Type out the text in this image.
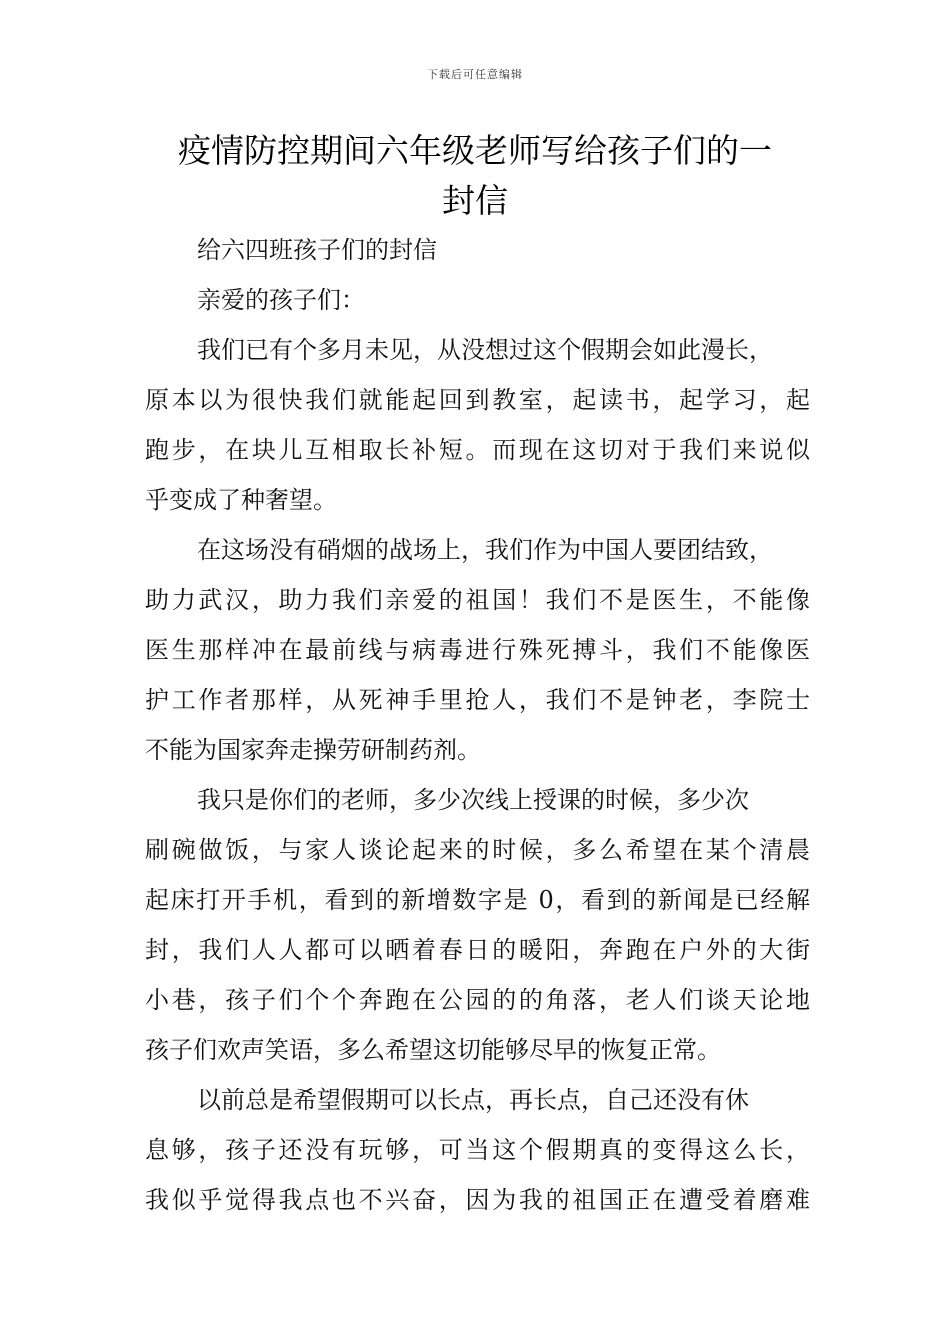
下载后可任意编辑
疫情防控期间六年级老师写给孩子们的一
封信
给六四班孩子们的封信
亲爱的孩子们：
我们已有个多月未见，从没想过这个假期会如此漫长，
原本以为很快我们就能起回到教室，起读书，起学习，起
跑步，在块儿互相取长补短。而现在这切对于我们来说似
乎变成了种奢望。
在这场没有硝烟的战场上，我们作为中国人要团结致，
助力武汉，助力我们亲爱的祖国！我们不是医生，不能像
医生那样冲在最前线与病毒进行殊死搏斗，我们不能像医
护工作者那样，从死神手里抢人，我们不是钟老，李院士
不能为国家奔走操劳研制药剂。
我只是你们的老师，多少次线上授课的时候，多少次
刷碗做饭，与家人谈论起来的时候，多么希望在某个清晨
起床打开手机，看到的新增数字是 0，看到的新闻是已经解
封，我们人人都可以晒着春日的暖阳，奔跑在户外的大街
小巷，孩子们个个奔跑在公园的的角落，老人们谈天论地
孩子们欢声笑语，多么希望这切能够尽早的恢复正常。
以前总是希望假期可以长点，再长点，自己还没有休
息够，孩子还没有玩够，可当这个假期真的变得这么长，
我似乎觉得我点也不兴奋，因为我的祖国正在遭受着磨难
